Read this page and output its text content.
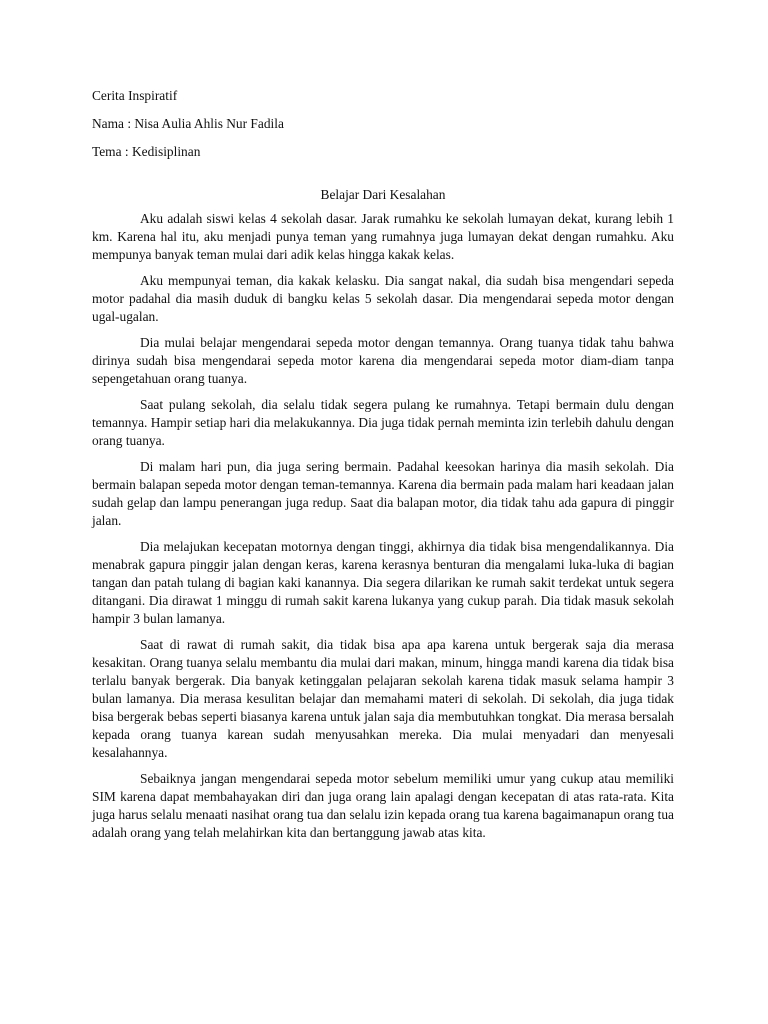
Cerita Inspiratif

Nama : Nisa Aulia Ahlis Nur Fadila

Tema : Kedisiplinan

Belajar Dari Kesalahan

Aku adalah siswi kelas 4 sekolah dasar. Jarak rumahku ke sekolah lumayan dekat, kurang lebih 1 km. Karena hal itu, aku menjadi punya teman yang rumahnya juga lumayan dekat dengan rumahku. Aku mempunya banyak teman mulai dari adik kelas hingga kakak kelas.

Aku mempunyai teman, dia kakak kelasku. Dia sangat nakal, dia sudah bisa mengendari sepeda motor padahal dia masih duduk di bangku kelas 5 sekolah dasar. Dia mengendarai sepeda motor dengan ugal-ugalan.

Dia mulai belajar mengendarai sepeda motor dengan temannya. Orang tuanya tidak tahu bahwa dirinya sudah bisa mengendarai sepeda motor karena dia mengendarai sepeda motor diam-diam tanpa sepengetahuan orang tuanya.

Saat pulang sekolah, dia selalu tidak segera pulang ke rumahnya. Tetapi bermain dulu dengan temannya. Hampir setiap hari dia melakukannya. Dia juga tidak pernah meminta izin terlebih dahulu dengan orang tuanya.

Di malam hari pun, dia juga sering bermain. Padahal keesokan harinya dia masih sekolah. Dia bermain balapan sepeda motor dengan teman-temannya. Karena dia bermain pada malam hari keadaan jalan sudah gelap dan lampu penerangan juga redup. Saat dia balapan motor, dia tidak tahu ada gapura di pinggir jalan.

Dia melajukan kecepatan motornya dengan tinggi, akhirnya dia tidak bisa mengendalikannya. Dia menabrak gapura pinggir jalan dengan keras, karena kerasnya benturan dia mengalami luka-luka di bagian tangan dan patah tulang di bagian kaki kanannya. Dia segera dilarikan ke rumah sakit terdekat untuk segera ditangani. Dia dirawat 1 minggu di rumah sakit karena lukanya yang cukup parah. Dia tidak masuk sekolah hampir 3 bulan lamanya.

Saat di rawat di rumah sakit, dia tidak bisa apa apa karena untuk bergerak saja dia merasa kesakitan. Orang tuanya selalu membantu dia mulai dari makan, minum, hingga mandi karena dia tidak bisa terlalu banyak bergerak. Dia banyak ketinggalan pelajaran sekolah karena tidak masuk selama hampir 3 bulan lamanya. Dia merasa kesulitan belajar dan memahami materi di sekolah. Di sekolah, dia juga tidak bisa bergerak bebas seperti biasanya karena untuk jalan saja dia membutuhkan tongkat. Dia merasa bersalah kepada orang tuanya karean sudah menyusahkan mereka. Dia mulai menyadari dan menyesali kesalahannya.

Sebaiknya jangan mengendarai sepeda motor sebelum memiliki umur yang cukup atau memiliki SIM karena dapat membahayakan diri dan juga orang lain apalagi dengan kecepatan di atas rata-rata. Kita juga harus selalu menaati nasihat orang tua dan selalu izin kepada orang tua karena bagaimanapun orang tua adalah orang yang telah melahirkan kita dan bertanggung jawab atas kita.
